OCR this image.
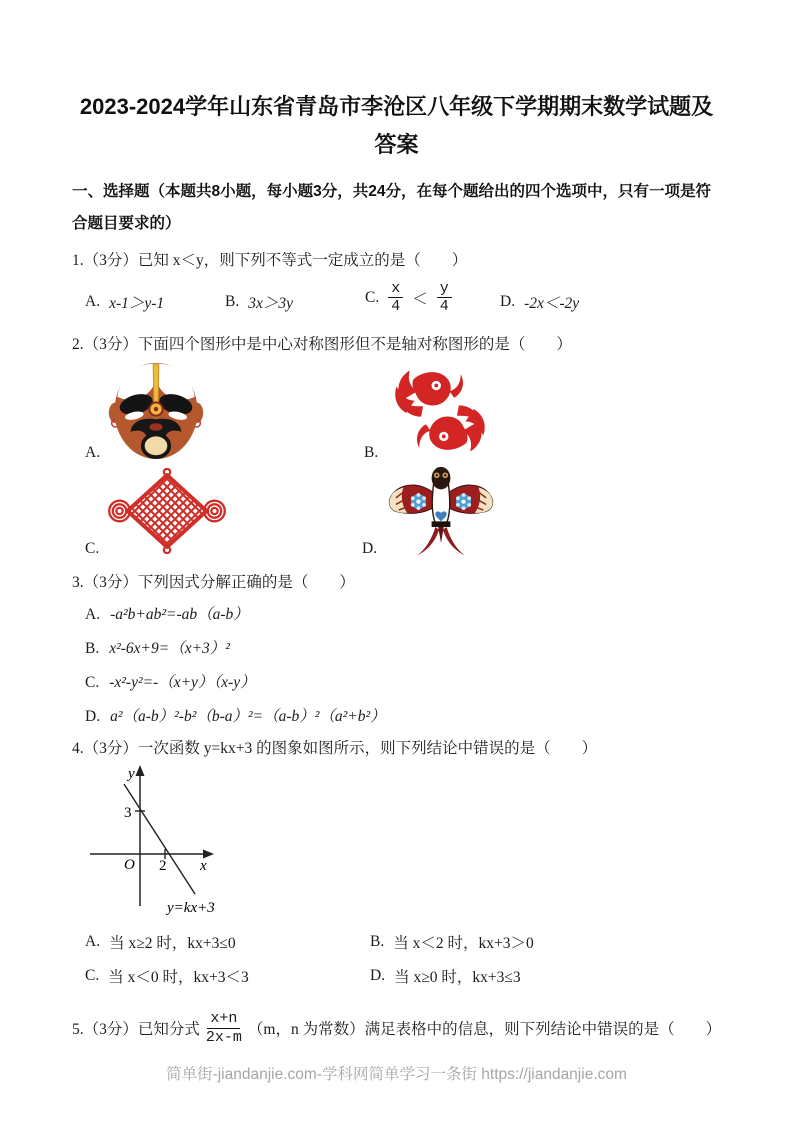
2023-2024学年山东省青岛市李沧区八年级下学期期末数学试题及答案

一、选择题（本题共8小题，每小题3分，共24分，在每个题给出的四个选项中，只有一项是符合题目要求的）

1.（3分）已知 x＜y，则下列不等式一定成立的是（　　）

A. x-1＞y-1	B. 3x＞3y	C. $\frac{x}{4} < \frac{y}{4}$	D. -2x＜-2y

2.（3分）下面四个图形中是中心对称图形但不是轴对称图形的是（　　）

A.	B.
C.	D.

3.（3分）下列因式分解正确的是（　　）

A. -a²b+ab²=-ab（a-b）

B. x²-6x+9=（x+3）²

C. -x²-y²=-（x+y）（x-y）

D. a²（a-b）²-b²（b-a）²=（a-b）²（a²+b²）

4.（3分）一次函数 y=kx+3 的图象如图所示，则下列结论中错误的是（　　）

y
x
O
3
2
y=kx+3
A. 当 x≥2 时，kx+3≤0	B. 当 x＜2 时，kx+3＞0
C. 当 x＜0 时，kx+3＜3	D. 当 x≥0 时，kx+3≤3
5.（3分）已知分式 $\frac{x+n}{2x-m} (m$，n 为常数）满足表格中的信息，则下列结论中错误的是（　　）
简单街-jiandanjie.com-学科网简单学习一条街 https://jiandanjie.com
